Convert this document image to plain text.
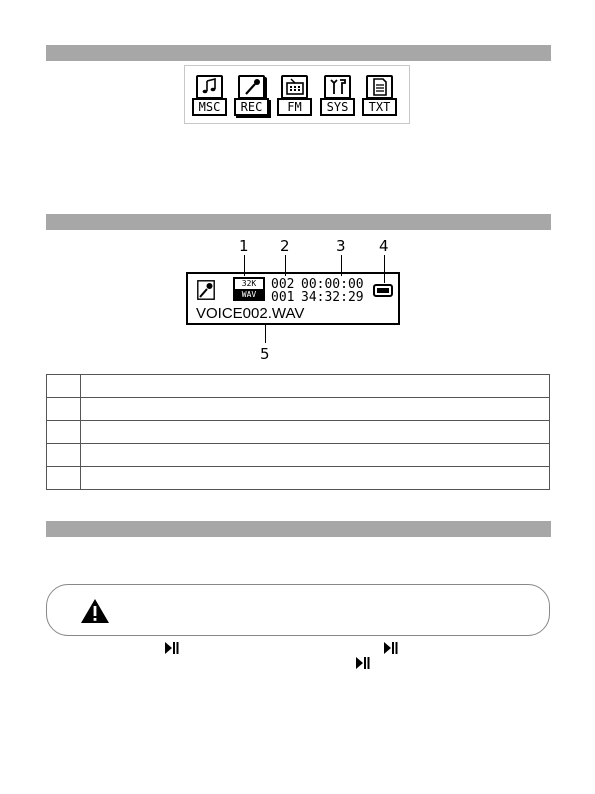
MSC	REC	FM	SYS	TXT
1 2	3 4
5
002 00:00:00
001 34:32:29
32K
WAV
VOICE002.WAV
